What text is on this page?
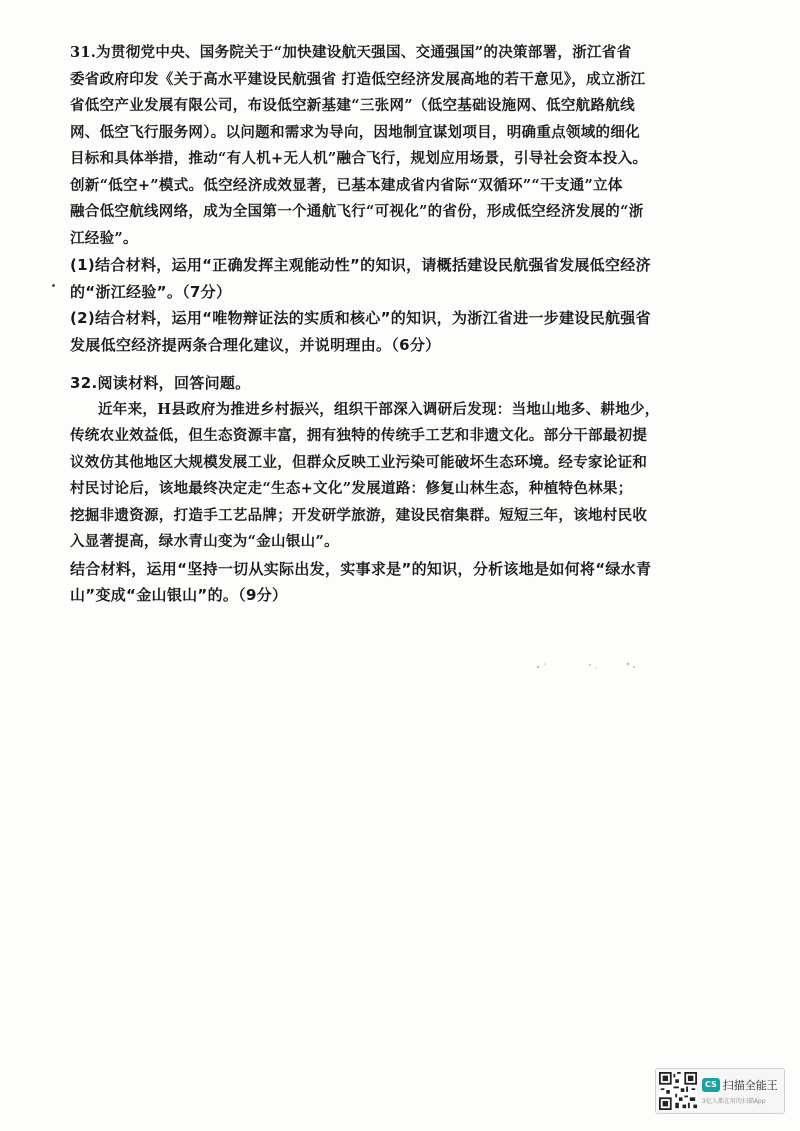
31.为贯彻党中央、国务院关于“加快建设航天强国、交通强国”的决策部署，浙江省省
委省政府印发《关于高水平建设民航强省 打造低空经济发展高地的若干意见》，成立浙江
省低空产业发展有限公司，布设低空新基建“三张网”（低空基础设施网、低空航路航线
网、低空飞行服务网）。以问题和需求为导向，因地制宜谋划项目，明确重点领域的细化
目标和具体举措，推动“有人机+无人机”融合飞行，规划应用场景，引导社会资本投入。
创新“低空+”模式。低空经济成效显著，已基本建成省内省际“双循环”“干支通”立体
融合低空航线网络，成为全国第一个通航飞行“可视化”的省份，形成低空经济发展的“浙
江经验”。
(1)结合材料，运用“正确发挥主观能动性”的知识，请概括建设民航强省发展低空经济
的“浙江经验”。（7分）
(2)结合材料，运用“唯物辩证法的实质和核心”的知识，为浙江省进一步建设民航强省
发展低空经济提两条合理化建议，并说明理由。（6分）
32.阅读材料，回答问题。
近年来，H县政府为推进乡村振兴，组织干部深入调研后发现：当地山地多、耕地少，
传统农业效益低，但生态资源丰富，拥有独特的传统手工艺和非遗文化。部分干部最初提
议效仿其他地区大规模发展工业，但群众反映工业污染可能破坏生态环境。经专家论证和
村民讨论后，该地最终决定走“生态+文化”发展道路：修复山林生态，种植特色林果；
挖掘非遗资源，打造手工艺品牌；开发研学旅游，建设民宿集群。短短三年，该地村民收
入显著提高，绿水青山变为“金山银山”。
结合材料，运用“坚持一切从实际出发，实事求是”的知识，分析该地是如何将“绿水青
山”变成“金山银山”的。（9分）
CS 扫描全能王
3亿人都在用的扫描App
